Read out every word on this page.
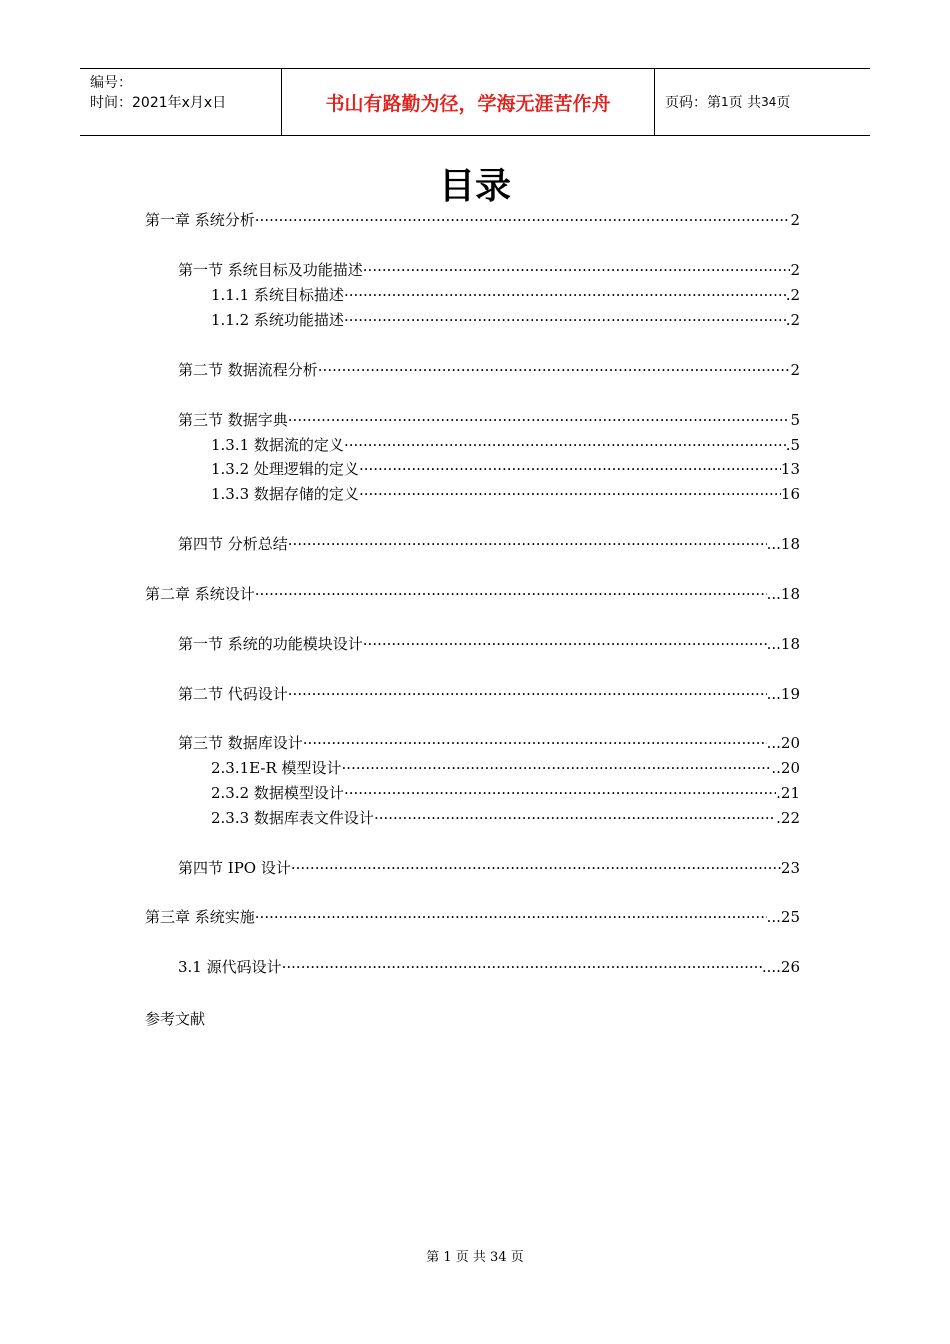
编号：
时间：2021年x月x日	书山有路勤为径，学海无涯苦作舟	页码：第 1 页 共 34 页
目录
第一章 系统分析 ·····	2
第一节 系统目标及功能描述 ·····	2
1.1.1 系统目标描述 ·····	.2
1.1.2 系统功能描述 ·····	.2
第二节 数据流程分析 ·····	2
第三节 数据字典 ·····	5
1.3.1 数据流的定义 ·····	.5
1.3.2 处理逻辑的定义 ·····	13
1.3.3 数据存储的定义 ·····	16
第四节 分析总结 ·····	...18
第二章 系统设计 ·····	...18
第一节 系统的功能模块设计 ·····	...18
第二节 代码设计 ·····	...19
第三节 数据库设计 ·····	...20
2.3.1E-R 模型设计 ·····	..20
2.3.2 数据模型设计 ·····	.21
2.3.3 数据库表文件设计 ·····	.22
第四节 IPO 设计 ·····	23
第三章 系统实施 ·····	...25
3.1 源代码设计 ·····	....26
参考文献
第 1 页 共 34 页
